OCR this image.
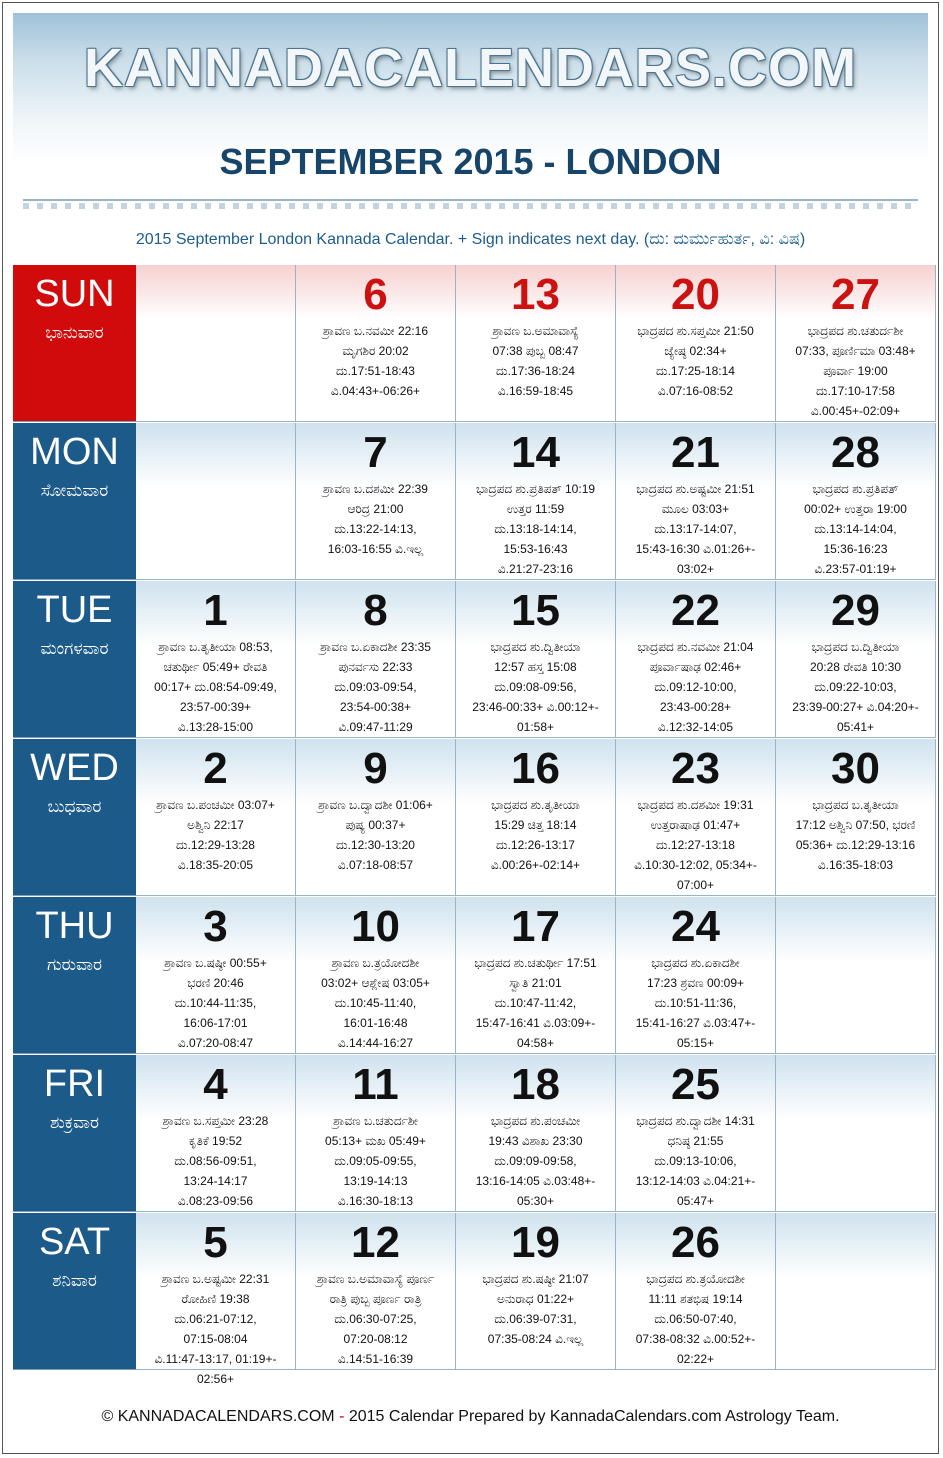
KANNADACALENDARS.COM
SEPTEMBER 2015 - LONDON
2015 September London Kannada Calendar. + Sign indicates next day. (ದು: ದುರ್ಮುಹುರ್ತ, ವಿ: ವಿಷ)
SUN
ಭಾನುವಾರ
6
ಶ್ರಾವಣ ಬ.ನವಮೀ 22:16
ಮೃಗಶಿರ 20:02
ದು.17:51-18:43
ವಿ.04:43+-06:26+
13
ಶ್ರಾವಣ ಬ.ಅಮಾವಾಸ್ಯೆ
07:38 ಪುಬ್ಬ 08:47
ದು.17:36-18:24
ವಿ.16:59-18:45
20
ಭಾದ್ರಪದ ಶು.ಸಪ್ತಮೀ 21:50
ಜ್ಯೇಷ್ಠ 02:34+
ದು.17:25-18:14
ವಿ.07:16-08:52
27
ಭಾದ್ರಪದ ಶು.ಚತುರ್ದಶೀ
07:33, ಪೂರ್ಣಿಮಾ 03:48+
ಪೂರ್ವಾ 19:00
ದು.17:10-17:58
ವಿ.00:45+-02:09+
MON
ಸೋಮವಾರ
7
ಶ್ರಾವಣ ಬ.ದಶಮೀ 22:39
ಆರಿದ್ರ 21:00
ದು.13:22-14:13,
16:03-16:55 ವಿ.ಇಲ್ಲ
14
ಭಾದ್ರಪದ ಶು.ಪ್ರತಿಪತ್ 10:19
ಉತ್ತರ 11:59
ದು.13:18-14:14,
15:53-16:43
ವಿ.21:27-23:16
21
ಭಾದ್ರಪದ ಶು.ಅಷ್ಟಮೀ 21:51
ಮೂಲ 03:03+
ದು.13:17-14:07,
15:43-16:30 ವಿ.01:26+-
03:02+
28
ಭಾದ್ರಪದ ಶು.ಪ್ರತಿಪತ್
00:02+ ಉತ್ತರಾ 19:00
ದು.13:14-14:04,
15:36-16:23
ವಿ.23:57-01:19+
TUE
ಮಂಗಳವಾರ
1
ಶ್ರಾವಣ ಬ.ತೃತೀಯಾ 08:53,
ಚತುರ್ಥೀ 05:49+ ರೇವತಿ
00:17+ ದು.08:54-09:49,
23:57-00:39+
ವಿ.13:28-15:00
8
ಶ್ರಾವಣ ಬ.ಏಕಾದಶೀ 23:35
ಪುನರ್ವಸು 22:33
ದು.09:03-09:54,
23:54-00:38+
ವಿ.09:47-11:29
15
ಭಾದ್ರಪದ ಶು.ದ್ವಿತೀಯಾ
12:57 ಹಸ್ತ 15:08
ದು.09:08-09:56,
23:46-00:33+ ವಿ.00:12+-
01:58+
22
ಭಾದ್ರಪದ ಶು.ನವಮೀ 21:04
ಪೂರ್ವಾಷಾಢ 02:46+
ದು.09:12-10:00,
23:43-00:28+
ವಿ.12:32-14:05
29
ಭಾದ್ರಪದ ಬ.ದ್ವಿತೀಯಾ
20:28 ರೇವತಿ 10:30
ದು.09:22-10:03,
23:39-00:27+ ವಿ.04:20+-
05:41+
WED
ಬುಧವಾರ
2
ಶ್ರಾವಣ ಬ.ಪಂಚಮೀ 03:07+
ಅಶ್ವಿನಿ 22:17
ದು.12:29-13:28
ವಿ.18:35-20:05
9
ಶ್ರಾವಣ ಬ.ದ್ವಾದಶೀ 01:06+
ಪುಷ್ಯ 00:37+
ದು.12:30-13:20
ವಿ.07:18-08:57
16
ಭಾದ್ರಪದ ಶು.ತೃತೀಯಾ
15:29 ಚಿತ್ತ 18:14
ದು.12:26-13:17
ವಿ.00:26+-02:14+
23
ಭಾದ್ರಪದ ಶು.ದಶಮೀ 19:31
ಉತ್ತರಾಷಾಢ 01:47+
ದು.12:27-13:18
ವಿ.10:30-12:02, 05:34+-
07:00+
30
ಭಾದ್ರಪದ ಬ.ತೃತೀಯಾ
17:12 ಅಶ್ವಿನಿ 07:50, ಭರಣಿ
05:36+ ದು.12:29-13:16
ವಿ.16:35-18:03
THU
ಗುರುವಾರ
3
ಶ್ರಾವಣ ಬ.ಷಷ್ಠೀ 00:55+
ಭರಣಿ 20:46
ದು.10:44-11:35,
16:06-17:01
ವಿ.07:20-08:47
10
ಶ್ರಾವಣ ಬ.ತ್ರಯೋದಶೀ
03:02+ ಆಶ್ಲೇಷ 03:05+
ದು.10:45-11:40,
16:01-16:48
ವಿ.14:44-16:27
17
ಭಾದ್ರಪದ ಶು.ಚತುರ್ಥೀ 17:51
ಸ್ವಾತಿ 21:01
ದು.10:47-11:42,
15:47-16:41 ವಿ.03:09+-
04:58+
24
ಭಾದ್ರಪದ ಶು.ಏಕಾದಶೀ
17:23 ಶ್ರವಣ 00:09+
ದು.10:51-11:36,
15:41-16:27 ವಿ.03:47+-
05:15+
FRI
ಶುಕ್ರವಾರ
4
ಶ್ರಾವಣ ಬ.ಸಪ್ತಮೀ 23:28
ಕೃತಿಕೆ 19:52
ದು.08:56-09:51,
13:24-14:17
ವಿ.08:23-09:56
11
ಶ್ರಾವಣ ಬ.ಚತುರ್ದಶೀ
05:13+ ಮಖ 05:49+
ದು.09:05-09:55,
13:19-14:13
ವಿ.16:30-18:13
18
ಭಾದ್ರಪದ ಶು.ಪಂಚಮೀ
19:43 ವಿಶಾಖ 23:30
ದು.09:09-09:58,
13:16-14:05 ವಿ.03:48+-
05:30+
25
ಭಾದ್ರಪದ ಶು.ದ್ವಾದಶೀ 14:31
ಧನಿಷ್ಠ 21:55
ದು.09:13-10:06,
13:12-14:03 ವಿ.04:21+-
05:47+
SAT
ಶನಿವಾರ
5
ಶ್ರಾವಣ ಬ.ಅಷ್ಟಮೀ 22:31
ರೋಹಿಣಿ 19:38
ದು.06:21-07:12,
07:15-08:04
ವಿ.11:47-13:17, 01:19+-
02:56+
12
ಶ್ರಾವಣ ಬ.ಅಮಾವಾಸ್ಯೆ ಪೂರ್ಣ
ರಾತ್ರಿ ಪುಬ್ಬ ಪೂರ್ಣ ರಾತ್ರಿ
ದು.06:30-07:25,
07:20-08:12
ವಿ.14:51-16:39
19
ಭಾದ್ರಪದ ಶು.ಷಷ್ಠೀ 21:07
ಅನುರಾಧ 01:22+
ದು.06:39-07:31,
07:35-08:24 ವಿ.ಇಲ್ಲ
26
ಭಾದ್ರಪದ ಶು.ತ್ರಯೋದಶೀ
11:11 ಶತಭಿಷ 19:14
ದು.06:50-07:40,
07:38-08:32 ವಿ.00:52+-
02:22+
© KANNADACALENDARS.COM - 2015 Calendar Prepared by KannadaCalendars.com Astrology Team.
